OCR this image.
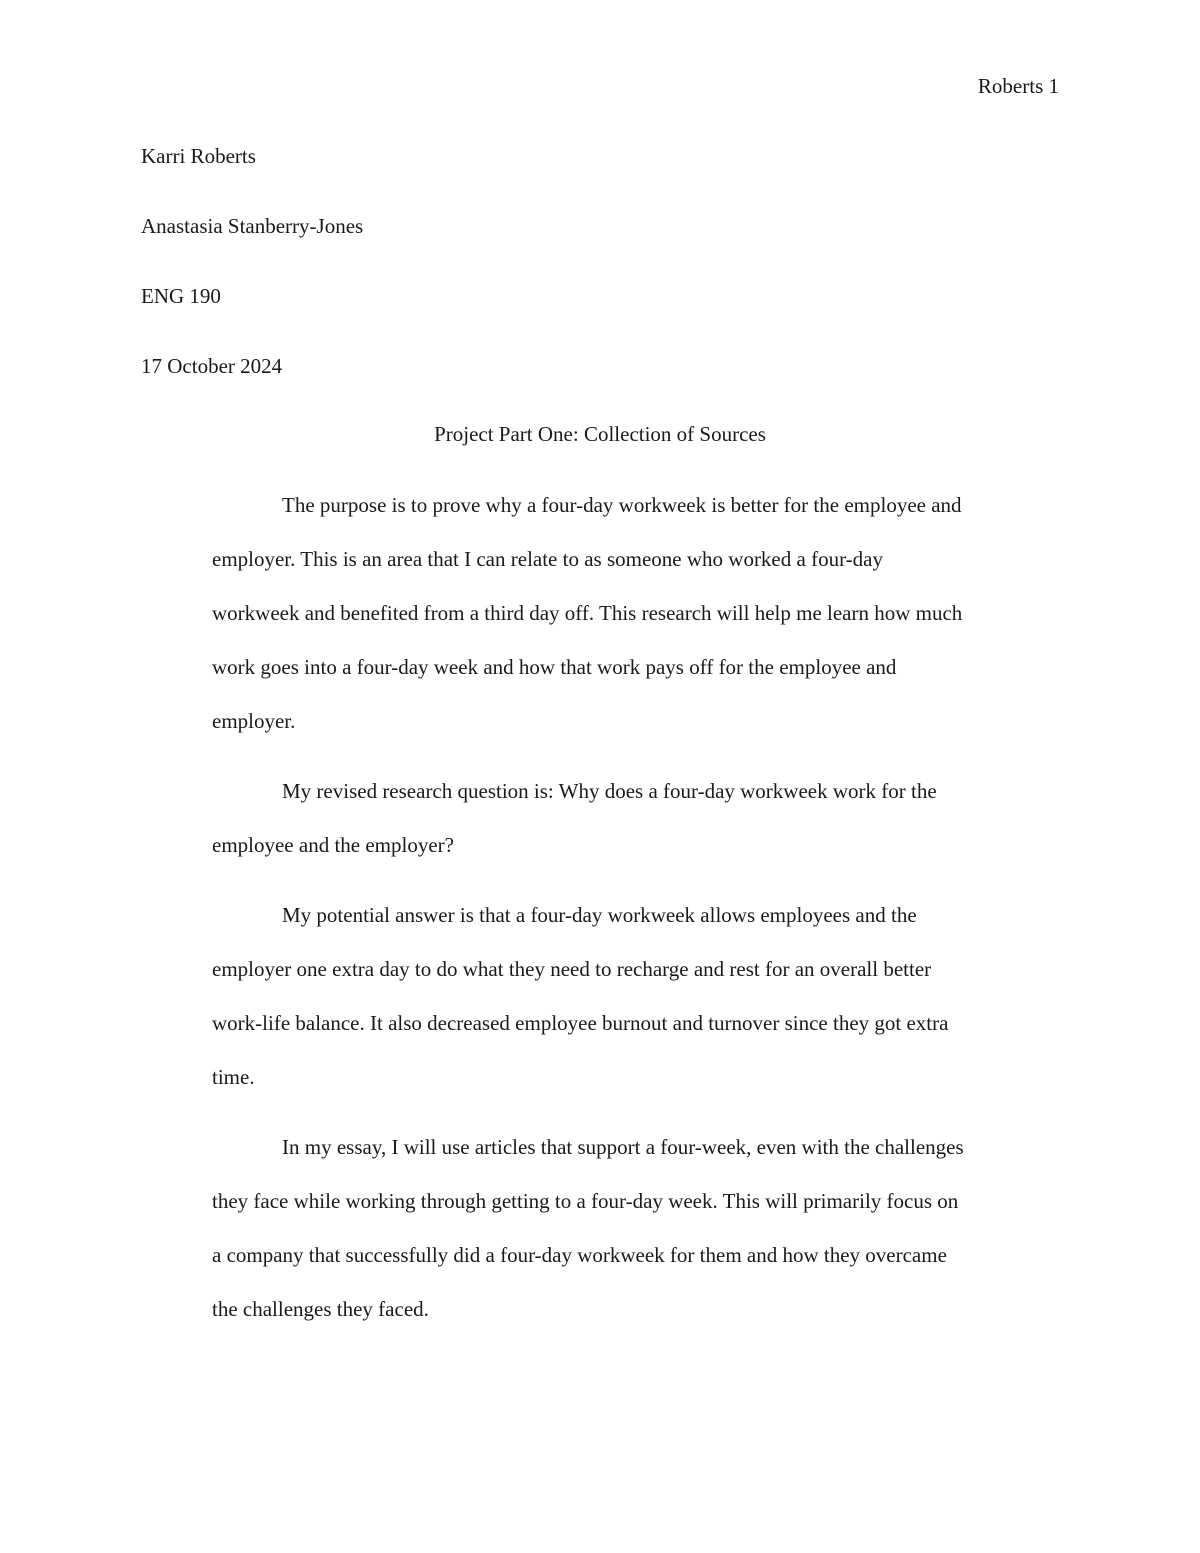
Roberts 1
Karri Roberts
Anastasia Stanberry-Jones
ENG 190
17 October 2024
Project Part One: Collection of Sources
The purpose is to prove why a four-day workweek is better for the employee and
employer. This is an area that I can relate to as someone who worked a four-day
workweek and benefited from a third day off. This research will help me learn how much
work goes into a four-day week and how that work pays off for the employee and
employer.
My revised research question is: Why does a four-day workweek work for the
employee and the employer?
My potential answer is that a four-day workweek allows employees and the
employer one extra day to do what they need to recharge and rest for an overall better
work-life balance. It also decreased employee burnout and turnover since they got extra
time.
In my essay, I will use articles that support a four-week, even with the challenges
they face while working through getting to a four-day week. This will primarily focus on
a company that successfully did a four-day workweek for them and how they overcame
the challenges they faced.
